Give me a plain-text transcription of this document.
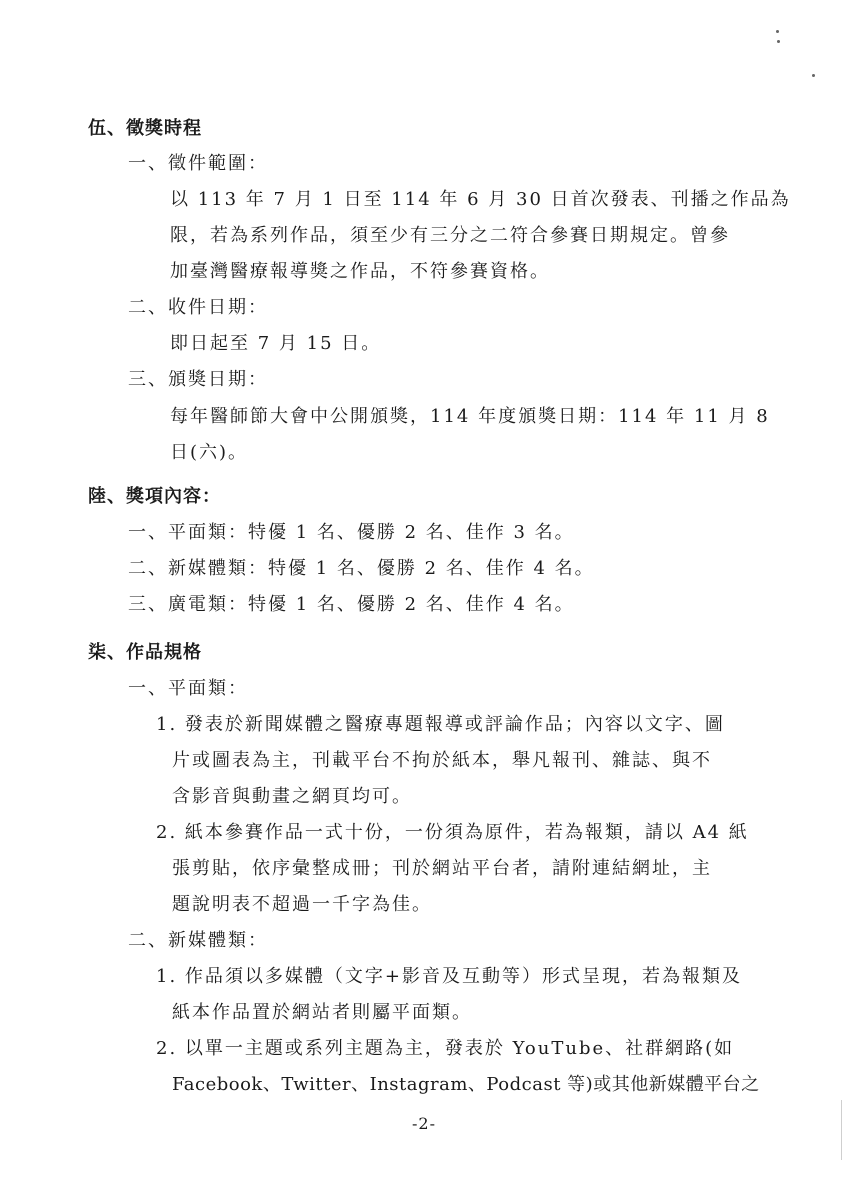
伍、徵獎時程
一、徵件範圍：
以 113 年 7 月 1 日至 114 年 6 月 30 日首次發表、刊播之作品為
限，若為系列作品，須至少有三分之二符合參賽日期規定。曾參
加臺灣醫療報導獎之作品，不符參賽資格。
二、收件日期：
即日起至 7 月 15 日。
三、頒獎日期：
每年醫師節大會中公開頒獎，114 年度頒獎日期：114 年 11 月 8
日(六)。
陸、獎項內容：
一、平面類：特優 1 名、優勝 2 名、佳作 3 名。
二、新媒體類：特優 1 名、優勝 2 名、佳作 4 名。
三、廣電類：特優 1 名、優勝 2 名、佳作 4 名。
柒、作品規格
一、平面類：
1. 發表於新聞媒體之醫療專題報導或評論作品；內容以文字、圖
片或圖表為主，刊載平台不拘於紙本，舉凡報刊、雜誌、與不
含影音與動畫之網頁均可。
2. 紙本參賽作品一式十份，一份須為原件，若為報類，請以 A4 紙
張剪貼，依序彙整成冊；刊於網站平台者，請附連結網址，主
題說明表不超過一千字為佳。
二、新媒體類：
1. 作品須以多媒體（文字+影音及互動等）形式呈現，若為報類及
紙本作品置於網站者則屬平面類。
2. 以單一主題或系列主題為主，發表於 YouTube、社群網路(如
Facebook、Twitter、Instagram、Podcast 等)或其他新媒體平台之
-2-
